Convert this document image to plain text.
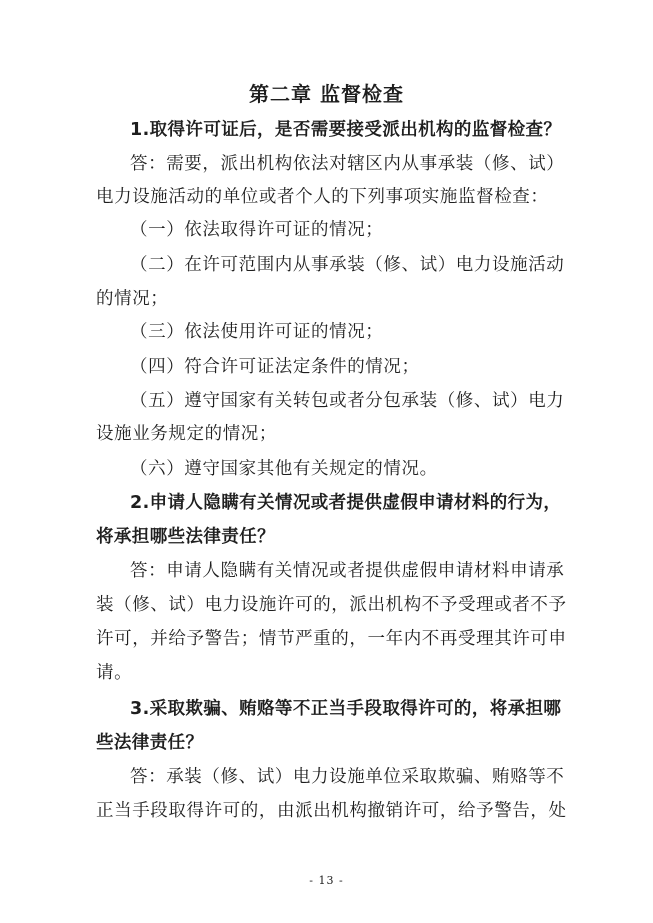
第二章 监督检查
1.取得许可证后，是否需要接受派出机构的监督检查？
答：需要，派出机构依法对辖区内从事承装（修、试）
电力设施活动的单位或者个人的下列事项实施监督检查：
（一）依法取得许可证的情况；
（二）在许可范围内从事承装（修、试）电力设施活动
的情况；
（三）依法使用许可证的情况；
（四）符合许可证法定条件的情况；
（五）遵守国家有关转包或者分包承装（修、试）电力
设施业务规定的情况；
（六）遵守国家其他有关规定的情况。
2.申请人隐瞒有关情况或者提供虚假申请材料的行为，
将承担哪些法律责任？
答：申请人隐瞒有关情况或者提供虚假申请材料申请承
装（修、试）电力设施许可的，派出机构不予受理或者不予
许可，并给予警告；情节严重的，一年内不再受理其许可申
请。
3.采取欺骗、贿赂等不正当手段取得许可的，将承担哪
些法律责任？
答：承装（修、试）电力设施单位采取欺骗、贿赂等不
正当手段取得许可的，由派出机构撤销许可，给予警告，处
- 13 -
